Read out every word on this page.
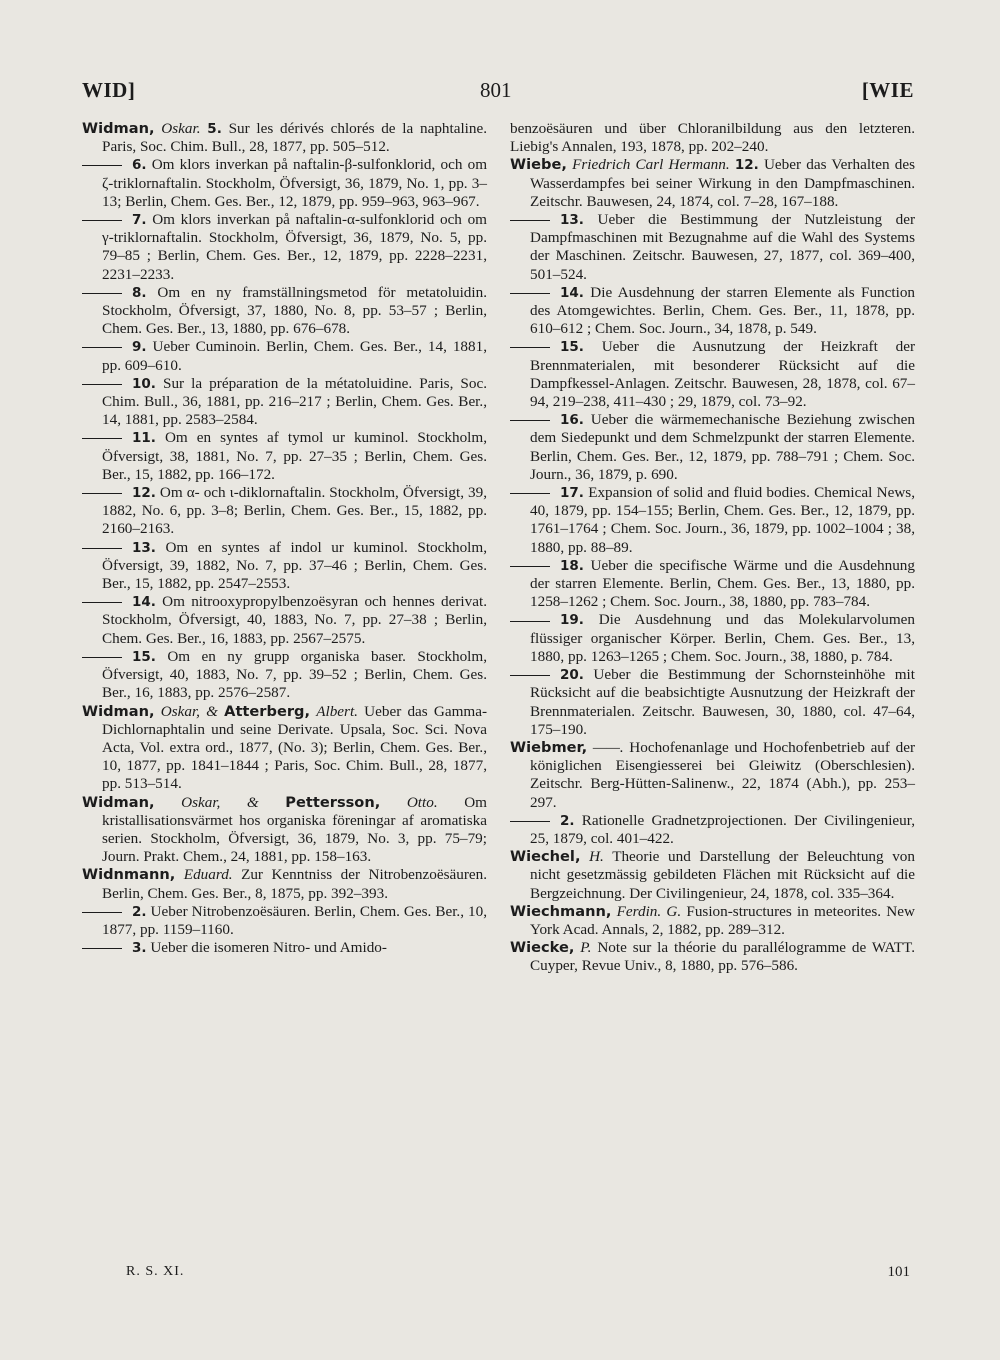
WID]	801	[WIE

Widman, Oskar. 5. Sur les dérivés chlorés de la naphtaline. Paris, Soc. Chim. Bull., 28, 1877, pp. 505–512.

6. Om klors inverkan på naftalin-β-sulfonklorid, och om ζ-triklornaftalin. Stockholm, Öfversigt, 36, 1879, No. 1, pp. 3–13; Berlin, Chem. Ges. Ber., 12, 1879, pp. 959–963, 963–967.

7. Om klors inverkan på naftalin-α-sulfonklorid och om γ-triklornaftalin. Stockholm, Öfversigt, 36, 1879, No. 5, pp. 79–85 ; Berlin, Chem. Ges. Ber., 12, 1879, pp. 2228–2231, 2231–2233.

8. Om en ny framställningsmetod för metatoluidin. Stockholm, Öfversigt, 37, 1880, No. 8, pp. 53–57 ; Berlin, Chem. Ges. Ber., 13, 1880, pp. 676–678.

9. Ueber Cuminoin. Berlin, Chem. Ges. Ber., 14, 1881, pp. 609–610.

10. Sur la préparation de la métatoluidine. Paris, Soc. Chim. Bull., 36, 1881, pp. 216–217 ; Berlin, Chem. Ges. Ber., 14, 1881, pp. 2583–2584.

11. Om en syntes af tymol ur kuminol. Stockholm, Öfversigt, 38, 1881, No. 7, pp. 27–35 ; Berlin, Chem. Ges. Ber., 15, 1882, pp. 166–172.

12. Om α- och ι-diklornaftalin. Stockholm, Öfversigt, 39, 1882, No. 6, pp. 3–8; Berlin, Chem. Ges. Ber., 15, 1882, pp. 2160–2163.

13. Om en syntes af indol ur kuminol. Stockholm, Öfversigt, 39, 1882, No. 7, pp. 37–46 ; Berlin, Chem. Ges. Ber., 15, 1882, pp. 2547–2553.

14. Om nitrooxypropylbenzoësyran och hennes derivat. Stockholm, Öfversigt, 40, 1883, No. 7, pp. 27–38 ; Berlin, Chem. Ges. Ber., 16, 1883, pp. 2567–2575.

15. Om en ny grupp organiska baser. Stockholm, Öfversigt, 40, 1883, No. 7, pp. 39–52 ; Berlin, Chem. Ges. Ber., 16, 1883, pp. 2576–2587.

Widman, Oskar, & Atterberg, Albert. Ueber das Gamma-Dichlornaphtalin und seine Derivate. Upsala, Soc. Sci. Nova Acta, Vol. extra ord., 1877, (No. 3); Berlin, Chem. Ges. Ber., 10, 1877, pp. 1841–1844 ; Paris, Soc. Chim. Bull., 28, 1877, pp. 513–514.

Widman, Oskar, & Pettersson, Otto. Om kristallisationsvärmet hos organiska föreningar af aromatiska serien. Stockholm, Öfversigt, 36, 1879, No. 3, pp. 75–79; Journ. Prakt. Chem., 24, 1881, pp. 158–163.

Widnmann, Eduard. Zur Kenntniss der Nitrobenzoësäuren. Berlin, Chem. Ges. Ber., 8, 1875, pp. 392–393.

2. Ueber Nitrobenzoësäuren. Berlin, Chem. Ges. Ber., 10, 1877, pp. 1159–1160.

3. Ueber die isomeren Nitro- und Amido-

benzoësäuren und über Chloranilbildung aus den letzteren. Liebig's Annalen, 193, 1878, pp. 202–240.

Wiebe, Friedrich Carl Hermann. 12. Ueber das Verhalten des Wasserdampfes bei seiner Wirkung in den Dampfmaschinen. Zeitschr. Bauwesen, 24, 1874, col. 7–28, 167–188.

13. Ueber die Bestimmung der Nutzleistung der Dampfmaschinen mit Bezugnahme auf die Wahl des Systems der Maschinen. Zeitschr. Bauwesen, 27, 1877, col. 369–400, 501–524.

14. Die Ausdehnung der starren Elemente als Function des Atomgewichtes. Berlin, Chem. Ges. Ber., 11, 1878, pp. 610–612 ; Chem. Soc. Journ., 34, 1878, p. 549.

15. Ueber die Ausnutzung der Heizkraft der Brennmaterialen, mit besonderer Rücksicht auf die Dampfkessel-Anlagen. Zeitschr. Bauwesen, 28, 1878, col. 67–94, 219–238, 411–430 ; 29, 1879, col. 73–92.

16. Ueber die wärmemechanische Beziehung zwischen dem Siedepunkt und dem Schmelzpunkt der starren Elemente. Berlin, Chem. Ges. Ber., 12, 1879, pp. 788–791 ; Chem. Soc. Journ., 36, 1879, p. 690.

17. Expansion of solid and fluid bodies. Chemical News, 40, 1879, pp. 154–155; Berlin, Chem. Ges. Ber., 12, 1879, pp. 1761–1764 ; Chem. Soc. Journ., 36, 1879, pp. 1002–1004 ; 38, 1880, pp. 88–89.

18. Ueber die specifische Wärme und die Ausdehnung der starren Elemente. Berlin, Chem. Ges. Ber., 13, 1880, pp. 1258–1262 ; Chem. Soc. Journ., 38, 1880, pp. 783–784.

19. Die Ausdehnung und das Molekularvolumen flüssiger organischer Körper. Berlin, Chem. Ges. Ber., 13, 1880, pp. 1263–1265 ; Chem. Soc. Journ., 38, 1880, p. 784.

20. Ueber die Bestimmung der Schornsteinhöhe mit Rücksicht auf die beabsichtigte Ausnutzung der Heizkraft der Brennmaterialen. Zeitschr. Bauwesen, 30, 1880, col. 47–64, 175–190.

Wiebmer, ——. Hochofenanlage und Hochofenbetrieb auf der königlichen Eisengiesserei bei Gleiwitz (Oberschlesien). Zeitschr. Berg-Hütten-Salinenw., 22, 1874 (Abh.), pp. 253–297.

2. Rationelle Gradnetzprojectionen. Der Civilingenieur, 25, 1879, col. 401–422.

Wiechel, H. Theorie und Darstellung der Beleuchtung von nicht gesetzmässig gebildeten Flächen mit Rücksicht auf die Bergzeichnung. Der Civilingenieur, 24, 1878, col. 335–364.

Wiechmann, Ferdin. G. Fusion-structures in meteorites. New York Acad. Annals, 2, 1882, pp. 289–312.

Wiecke, P. Note sur la théorie du parallélogramme de WATT. Cuyper, Revue Univ., 8, 1880, pp. 576–586.

R. S. XI.	101
